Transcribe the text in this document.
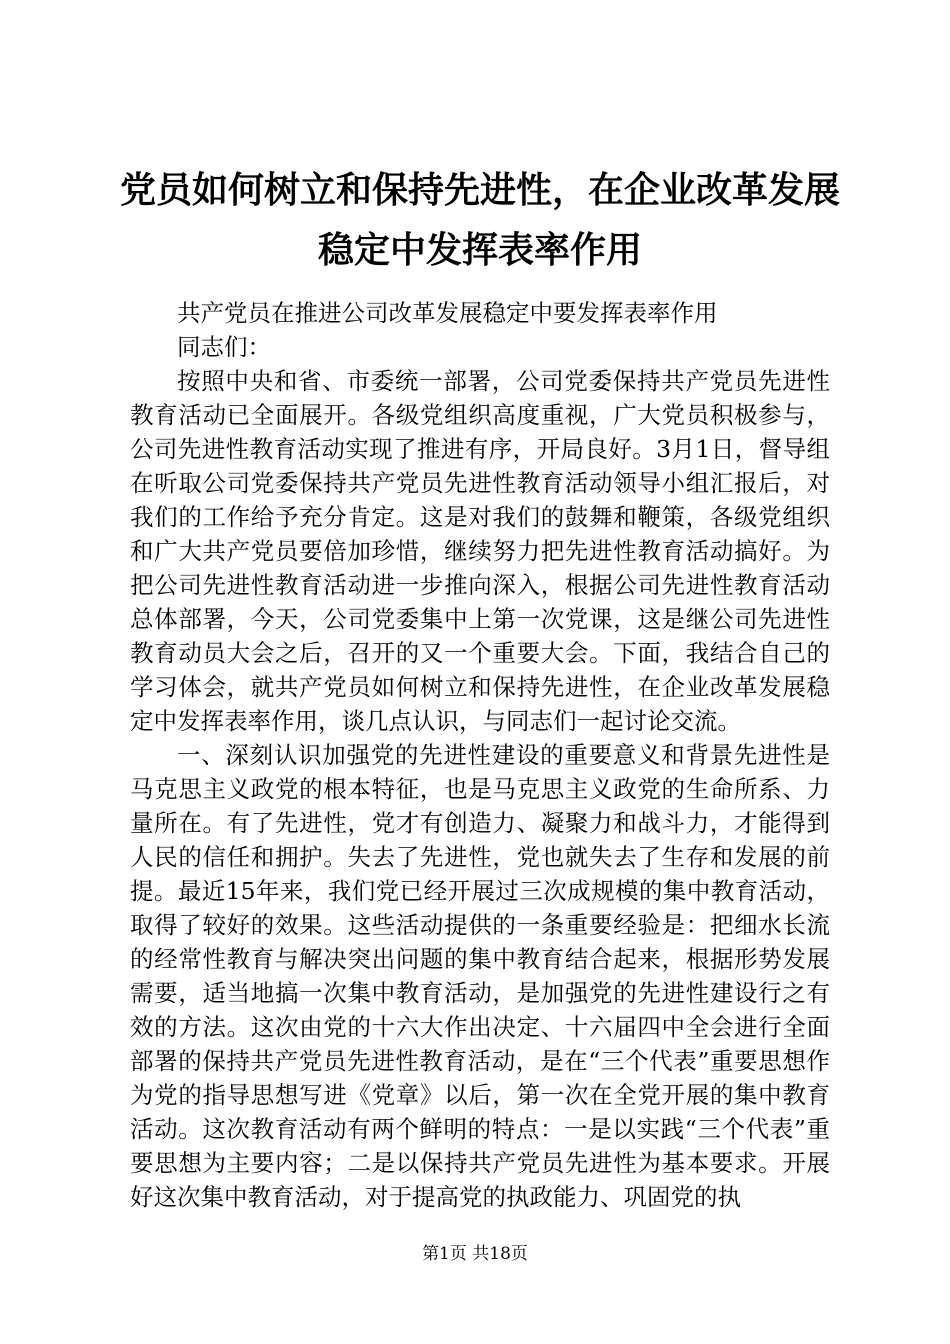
党员如何树立和保持先进性，在企业改革发展
稳定中发挥表率作用

共产党员在推进公司改革发展稳定中要发挥表率作用

同志们：

按照中央和省、市委统一部署，公司党委保持共产党员先进性教育活动已全面展开。各级党组织高度重视，广大党员积极参与，公司先进性教育活动实现了推进有序，开局良好。3月1日，督导组在听取公司党委保持共产党员先进性教育活动领导小组汇报后，对我们的工作给予充分肯定。这是对我们的鼓舞和鞭策，各级党组织和广大共产党员要倍加珍惜，继续努力把先进性教育活动搞好。为把公司先进性教育活动进一步推向深入，根据公司先进性教育活动总体部署，今天，公司党委集中上第一次党课，这是继公司先进性教育动员大会之后，召开的又一个重要大会。下面，我结合自己的学习体会，就共产党员如何树立和保持先进性，在企业改革发展稳定中发挥表率作用，谈几点认识，与同志们一起讨论交流。

一、深刻认识加强党的先进性建设的重要意义和背景先进性是马克思主义政党的根本特征，也是马克思主义政党的生命所系、力量所在。有了先进性，党才有创造力、凝聚力和战斗力，才能得到人民的信任和拥护。失去了先进性，党也就失去了生存和发展的前提。最近15年来，我们党已经开展过三次成规模的集中教育活动，取得了较好的效果。这些活动提供的一条重要经验是：把细水长流的经常性教育与解决突出问题的集中教育结合起来，根据形势发展需要，适当地搞一次集中教育活动，是加强党的先进性建设行之有效的方法。这次由党的十六大作出决定、十六届四中全会进行全面部署的保持共产党员先进性教育活动，是在“三个代表”重要思想作为党的指导思想写进《党章》以后，第一次在全党开展的集中教育活动。这次教育活动有两个鲜明的特点：一是以实践“三个代表”重要思想为主要内容；二是以保持共产党员先进性为基本要求。开展好这次集中教育活动，对于提高党的执政能力、巩固党的执

第1页 共18页
